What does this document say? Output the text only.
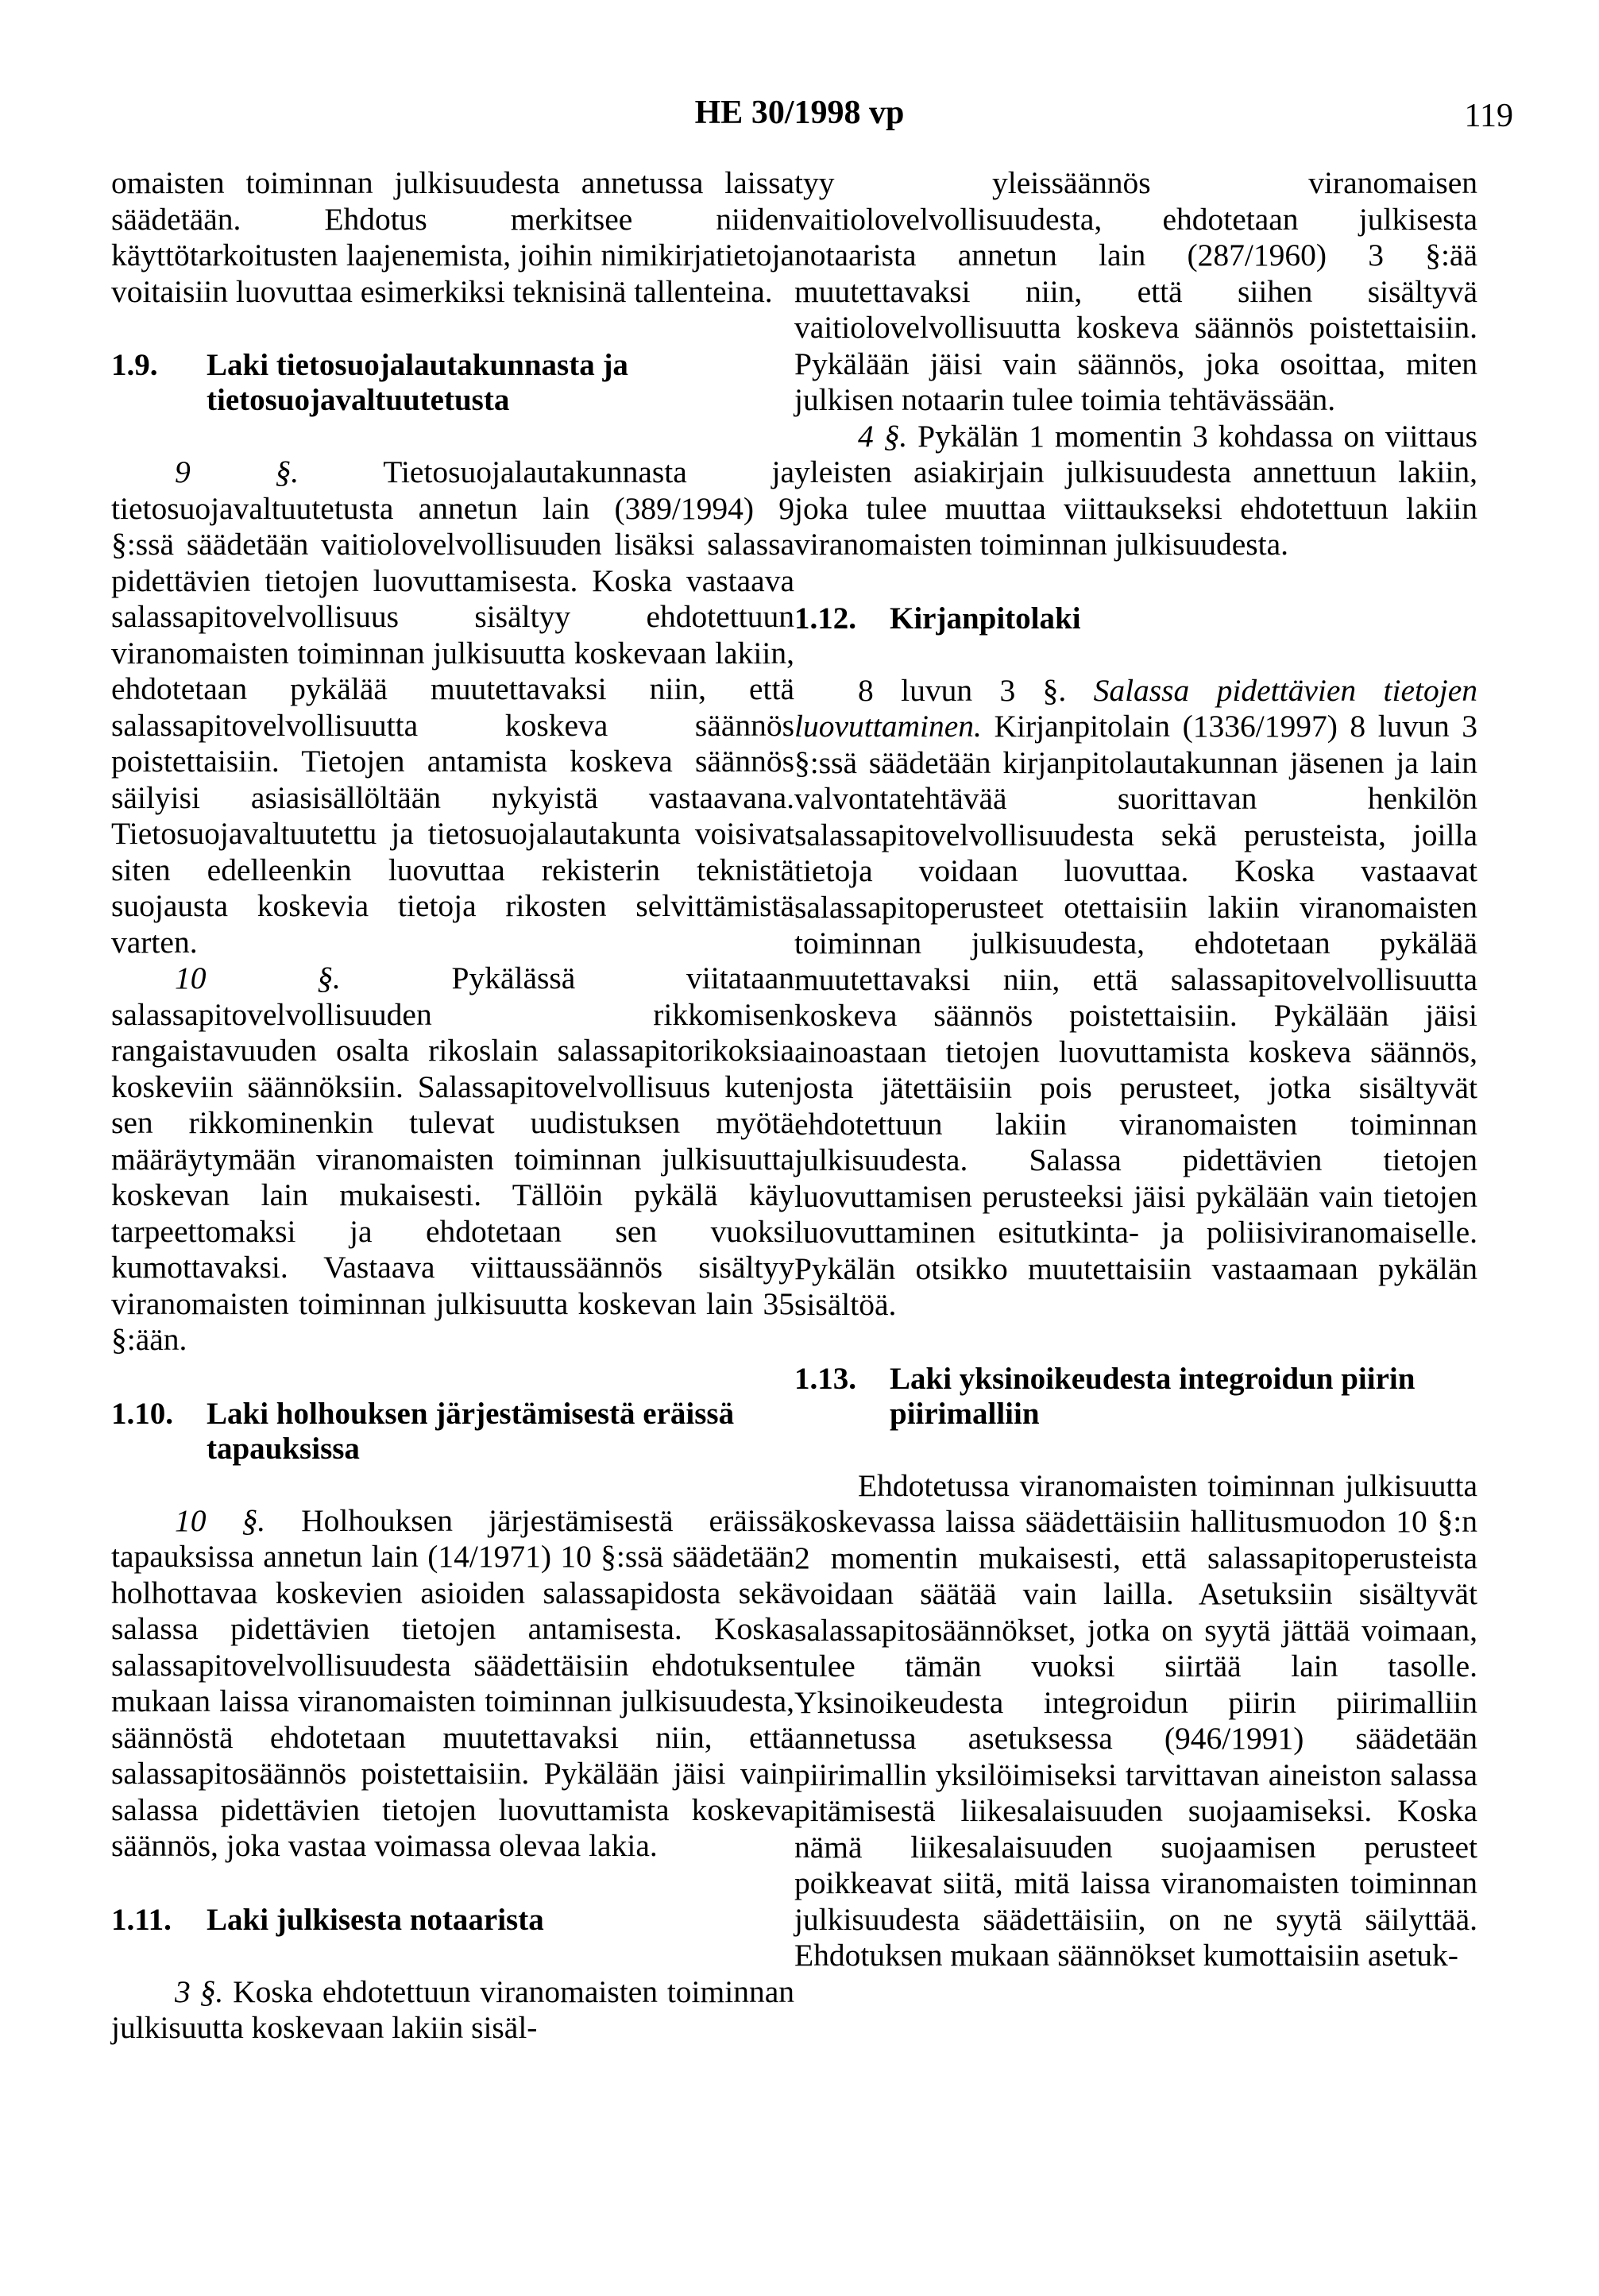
HE 30/1998 vp	119

omaisten toiminnan julkisuudesta annetussa laissa säädetään. Ehdotus merkitsee niiden käyttötarkoitusten laajenemista, joihin nimikirjatietoja voitaisiin luovuttaa esimerkiksi teknisinä tallenteina.

1.9.	Laki tietosuojalautakunnasta ja tietosuojavaltuutetusta

9 §.	Tietosuojalautakunnasta ja tietosuojavaltuutetusta annetun lain (389/1994) 9 §:ssä säädetään vaitiolovelvollisuuden lisäksi salassa pidettävien tietojen luovuttamisesta. Koska vastaava salassapitovelvollisuus sisältyy ehdotettuun viranomaisten toiminnan julkisuutta koskevaan lakiin, ehdotetaan pykälää muutettavaksi niin, että salassapitovelvollisuutta koskeva säännös poistettaisiin. Tietojen antamista koskeva säännös säilyisi asiasisällöltään nykyistä vastaavana. Tietosuojavaltuutettu ja tietosuojalautakunta voisivat siten edelleenkin luovuttaa rekisterin teknistä suojausta koskevia tietoja rikosten selvittämistä varten.

10 §.	Pykälässä viitataan salassapitovelvollisuuden rikkomisen rangaistavuuden osalta rikoslain salassapitorikoksia koskeviin säännöksiin. Salassapitovelvollisuus kuten sen rikkominenkin tulevat uudistuksen myötä määräytymään viranomaisten toiminnan julkisuutta koskevan lain mukaisesti. Tällöin pykälä käy tarpeettomaksi ja ehdotetaan sen vuoksi kumottavaksi. Vastaava viittaussäännös sisältyy viranomaisten toiminnan julkisuutta koskevan lain 35 §:ään.

1.10.	Laki holhouksen järjestämisestä eräissä tapauksissa

10 §. Holhouksen järjestämisestä eräissä tapauksissa annetun lain (14/1971) 10 §:ssä säädetään holhottavaa koskevien asioiden salassapidosta sekä salassa pidettävien tietojen antamisesta. Koska salassapitovelvollisuudesta säädettäisiin ehdotuksen mukaan laissa viranomaisten toiminnan julkisuudesta, säännöstä ehdotetaan muutettavaksi niin, että salassapitosäännös poistettaisiin. Pykälään jäisi vain salassa pidettävien tietojen luovuttamista koskeva säännös, joka vastaa voimassa olevaa lakia.

1.11.	Laki julkisesta notaarista

3 §. Koska ehdotettuun viranomaisten toiminnan julkisuutta koskevaan lakiin sisäl-

tyy yleissäännös viranomaisen vaitiolovelvollisuudesta, ehdotetaan julkisesta notaarista annetun lain (287/1960) 3 §:ää muutettavaksi niin, että siihen sisältyvä vaitiolovelvollisuutta koskeva säännös poistettaisiin. Pykälään jäisi vain säännös, joka osoittaa, miten julkisen notaarin tulee toimia tehtävässään.

4 §. Pykälän 1 momentin 3 kohdassa on viittaus yleisten asiakirjain julkisuudesta annettuun lakiin, joka tulee muuttaa viittaukseksi ehdotettuun lakiin viranomaisten toiminnan julkisuudesta.

1.12.	Kirjanpitolaki

8 luvun 3 §. Salassa pidettävien tietojen luovuttaminen. Kirjanpitolain (1336/1997) 8 luvun 3 §:ssä säädetään kirjanpitolautakunnan jäsenen ja lain valvontatehtävää suorittavan henkilön salassapitovelvollisuudesta sekä perusteista, joilla tietoja voidaan luovuttaa. Koska vastaavat salassapitoperusteet otettaisiin lakiin viranomaisten toiminnan julkisuudesta, ehdotetaan pykälää muutettavaksi niin, että salassapitovelvollisuutta koskeva säännös poistettaisiin. Pykälään jäisi ainoastaan tietojen luovuttamista koskeva säännös, josta jätettäisiin pois perusteet, jotka sisältyvät ehdotettuun lakiin viranomaisten toiminnan julkisuudesta. Salassa pidettävien tietojen luovuttamisen perusteeksi jäisi pykälään vain tietojen luovuttaminen esitutkinta- ja poliisiviranomaiselle. Pykälän otsikko muutettaisiin vastaamaan pykälän sisältöä.

1.13.	Laki yksinoikeudesta integroidun piirin piirimalliin

Ehdotetussa viranomaisten toiminnan julkisuutta koskevassa laissa säädettäisiin hallitusmuodon 10 §:n 2 momentin mukaisesti, että salassapitoperusteista voidaan säätää vain lailla. Asetuksiin sisältyvät salassapitosäännökset, jotka on syytä jättää voimaan, tulee tämän vuoksi siirtää lain tasolle. Yksinoikeudesta integroidun piirin piirimalliin annetussa asetuksessa (946/1991) säädetään piirimallin yksilöimiseksi tarvittavan aineiston salassa pitämisestä liikesalaisuuden suojaamiseksi. Koska nämä liikesalaisuuden suojaamisen perusteet poikkeavat siitä, mitä laissa viranomaisten toiminnan julkisuudesta säädettäisiin, on ne syytä säilyttää. Ehdotuksen mukaan säännökset kumottaisiin asetuk-
